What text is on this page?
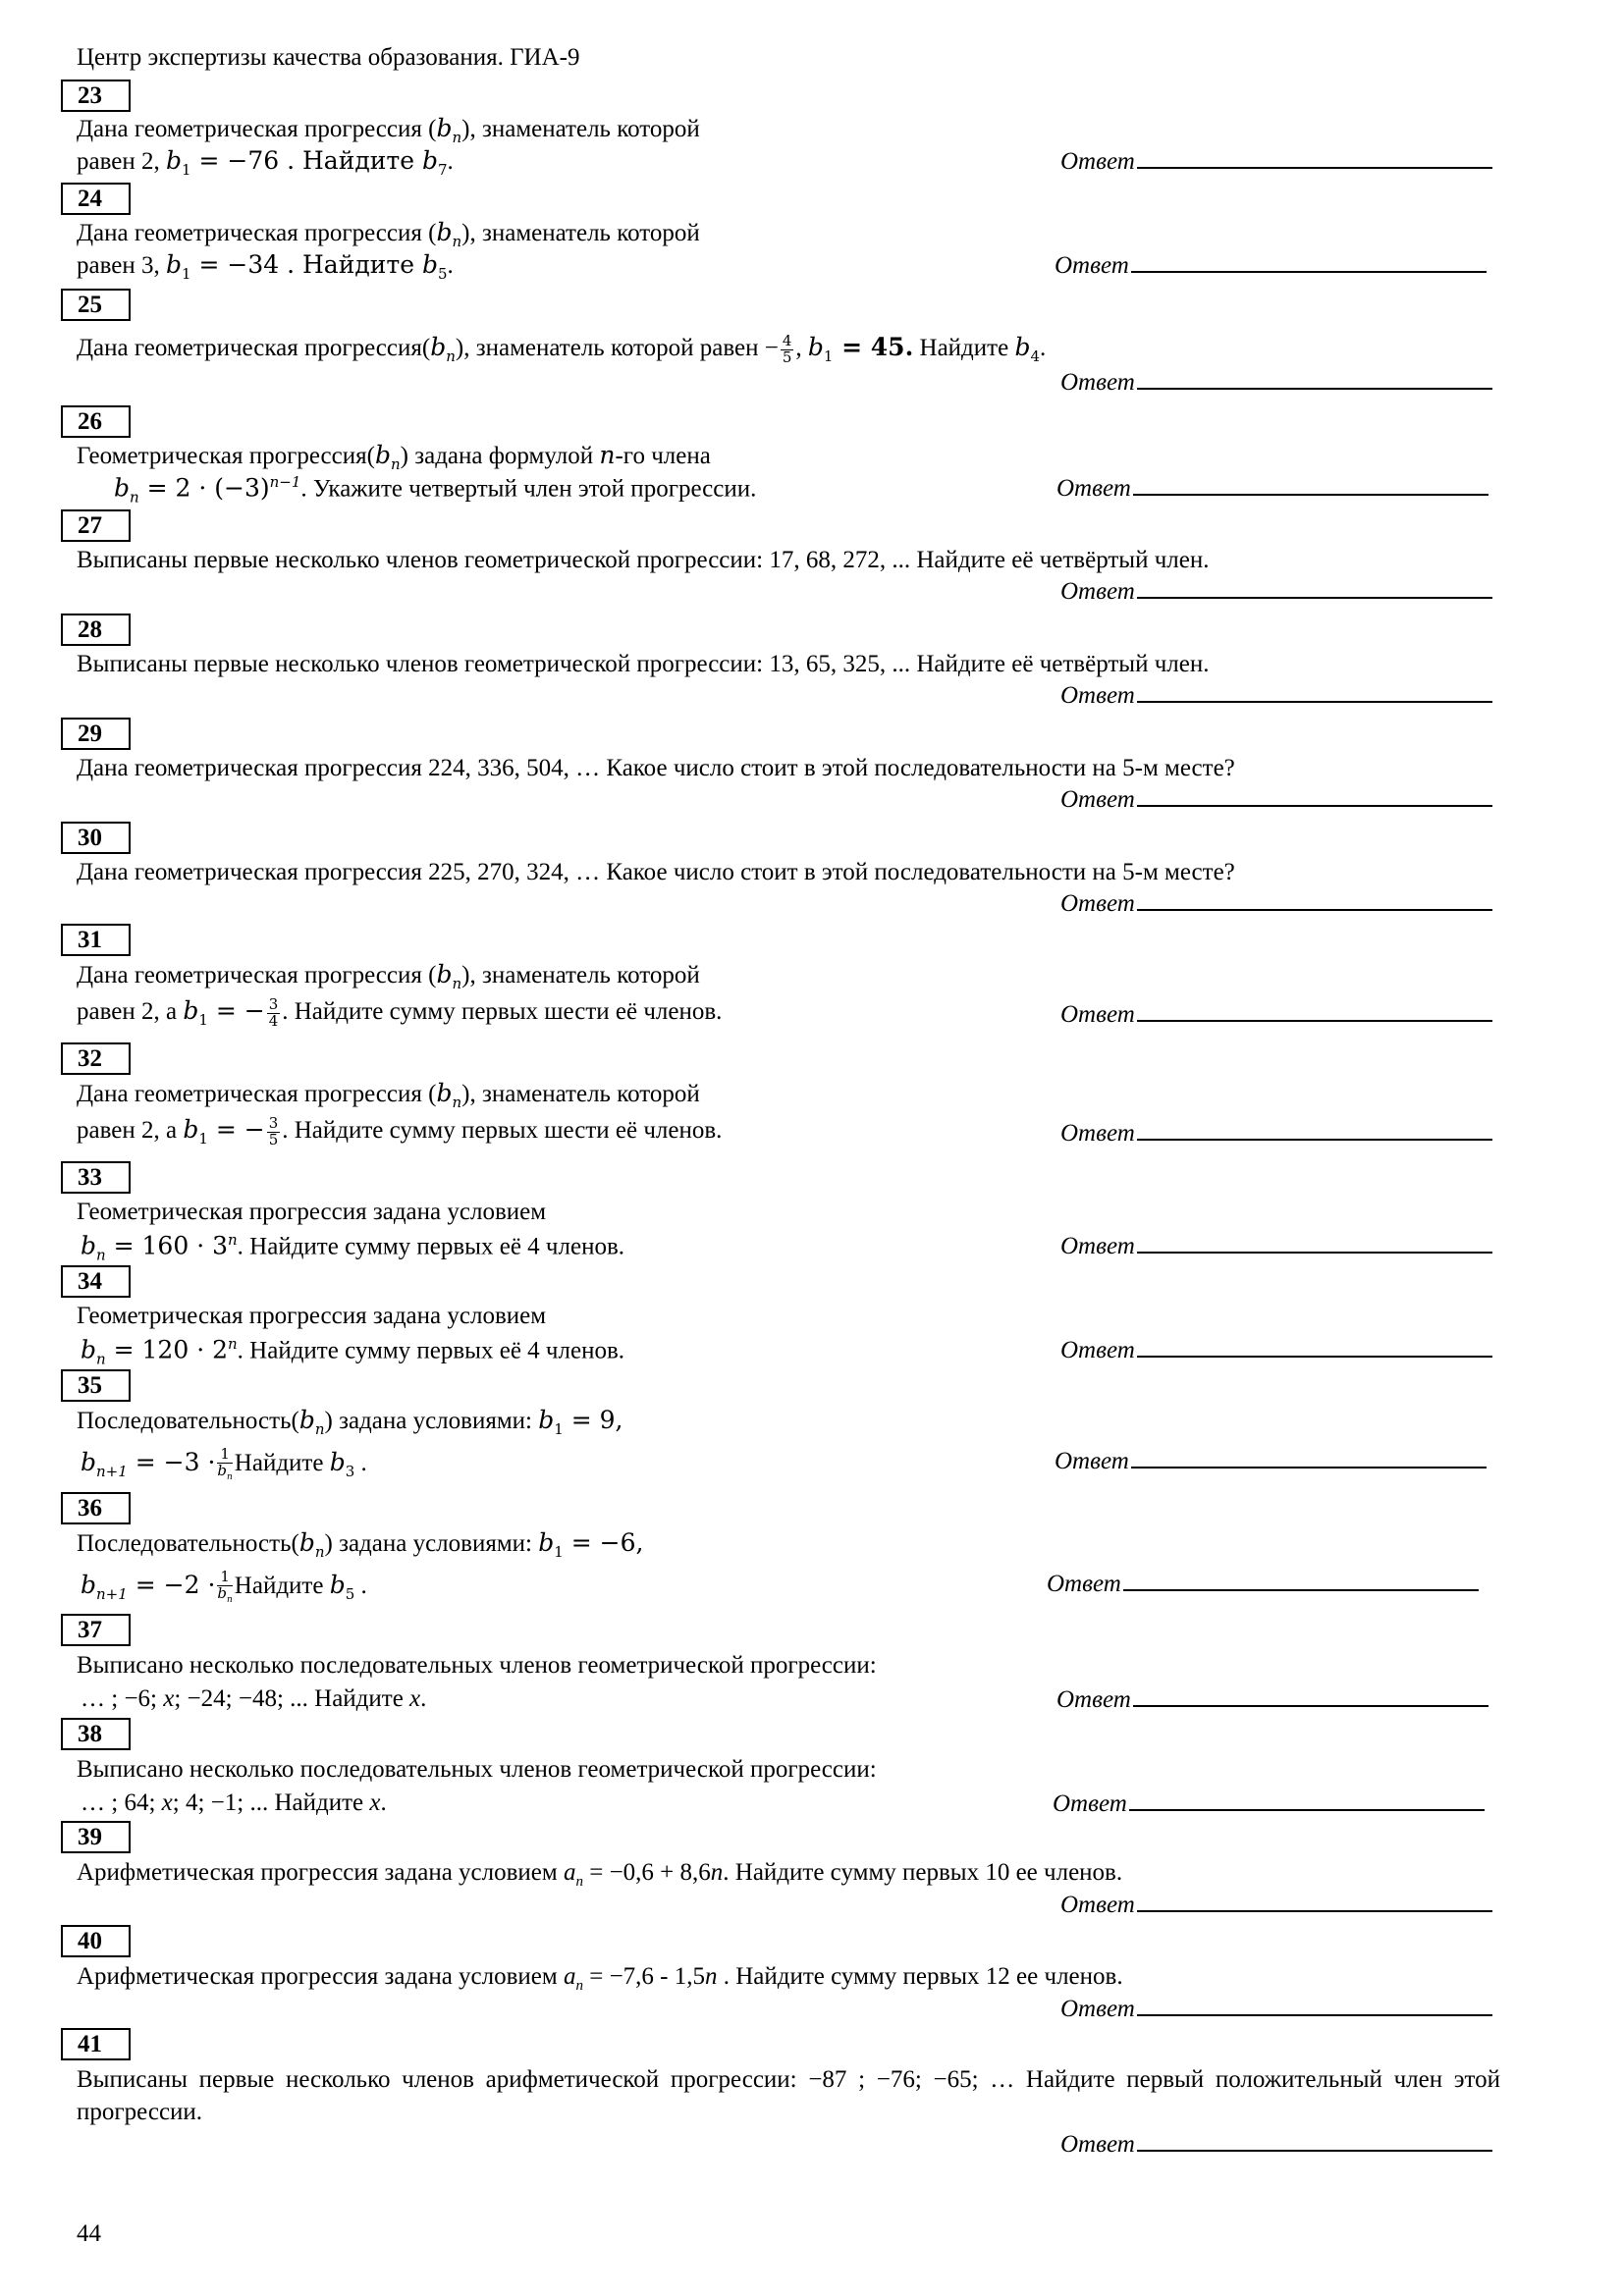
Центр экспертизы качества образования. ГИА-9
23
Дана геометрическая прогрессия $(b_n)$, знаменатель которой
равен 2, $b_1 = -76$ . Найдите $b_7$.	Ответ
24
Дана геометрическая прогрессия $(b_n)$, знаменатель которой
равен 3, $b_1 = -34$ . Найдите $b_5$.	Ответ
25
Дана геометрическая $прогрессия(b_n)$, знаменатель которой равен − $\frac{4}{5}$ , $b_1 = 45$. Найдите $b_4$.
Ответ
26
Геометрическая $прогрессия(b_n)$ задана формулой n-го члена
$b_n = 2 \cdot (-3)^{n-1}$. Укажите четвертый член этой прогрессии.	Ответ
27
Выписаны первые несколько членов геометрической прогрессии: 17, 68, 272, ... Найдите её четвёртый член.
Ответ
28
Выписаны первые несколько членов геометрической прогрессии: 13, 65, 325, ... Найдите её четвёртый член.
Ответ
29
Дана геометрическая прогрессия 224, 336, 504, … Какое число стоит в этой последовательности на 5-м месте?
Ответ
30
Дана геометрическая прогрессия 225, 270, 324, … Какое число стоит в этой последовательности на 5-м месте?
Ответ
31
Дана геометрическая прогрессия $(b_n)$, знаменатель которой
равен 2, а $b_1$ = − $\frac{3}{4}$ . Найдите сумму первых шести её членов.	Ответ
32
Дана геометрическая прогрессия $(b_n)$, знаменатель которой
равен 2, а $b_1$ = − $\frac{3}{5}$ . Найдите сумму первых шести её членов.	Ответ
33
Геометрическая прогрессия задана условием
$b_n = 160 \cdot 3^n$. Найдите сумму первых её 4 членов.	Ответ
34
Геометрическая прогрессия задана условием
$b_n = 120 \cdot 2^n$. Найдите сумму первых её 4 членов.	Ответ
35
$Последовательность(b_n)$ задана условиями: $b_1 = 9$,
$b_{n+1} = -3 \cdot \frac{1}{b_n}$ Найдите $b_3$ .	Ответ
36
$Последовательность(b_n)$ задана условиями: $b_1 = -6$,
$b_{n+1} = -2 \cdot \frac{1}{b_n}$ Найдите $b_5$ .	Ответ
37
Выписано несколько последовательных членов геометрической прогрессии:
… ; −6; x; −24; −48; ... Найдите x.	Ответ
38
Выписано несколько последовательных членов геометрической прогрессии:
… ; 64; x; 4; −1; ... Найдите x.	Ответ
39
Арифметическая прогрессия задана условием $a_n = -0,6 + 8,6n$. Найдите сумму первых 10 ее членов.
Ответ
40
Арифметическая прогрессия задана условием $a_n = -7,6 - 1,5n$ . Найдите сумму первых 12 ее членов.
Ответ
41
Выписаны первые несколько членов арифметической прогрессии: −87 ; −76; −65; … Найдите первый положительный член этой прогрессии.
Ответ
44
